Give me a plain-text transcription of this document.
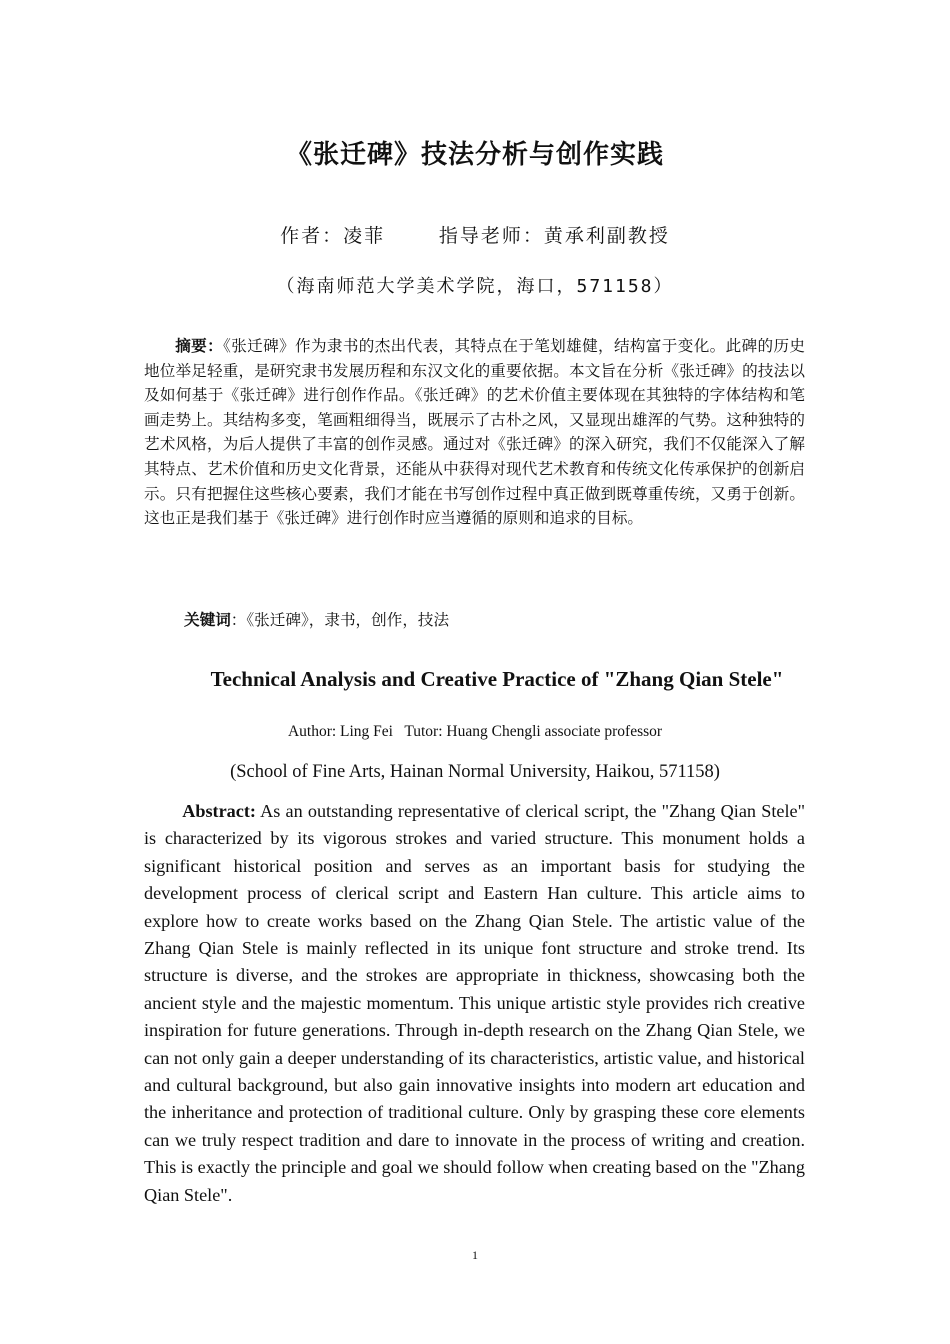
《张迁碑》技法分析与创作实践
作者：凌菲    指导老师：黄承利副教授
（海南师范大学美术学院，海口，571158）
摘要：《张迁碑》作为隶书的杰出代表，其特点在于笔划雄健，结构富于变化。此碑的历史地位举足轻重，是研究隶书发展历程和东汉文化的重要依据。本文旨在分析《张迁碑》的技法以及如何基于《张迁碑》进行创作作品。《张迁碑》的艺术价值主要体现在其独特的字体结构和笔画走势上。其结构多变，笔画粗细得当，既展示了古朴之风，又显现出雄浑的气势。这种独特的艺术风格，为后人提供了丰富的创作灵感。通过对《张迁碑》的深入研究，我们不仅能深入了解其特点、艺术价值和历史文化背景，还能从中获得对现代艺术教育和传统文化传承保护的创新启示。只有把握住这些核心要素，我们才能在书写创作过程中真正做到既尊重传统，又勇于创新。这也正是我们基于《张迁碑》进行创作时应当遵循的原则和追求的目标。
关键词：《张迁碑》，隶书，创作，技法
Technical Analysis and Creative Practice of "Zhang Qian Stele"
Author: Ling Fei   Tutor: Huang Chengli associate professor
(School of Fine Arts, Hainan Normal University, Haikou, 571158)
Abstract: As an outstanding representative of clerical script, the "Zhang Qian Stele" is characterized by its vigorous strokes and varied structure. This monument holds a significant historical position and serves as an important basis for studying the development process of clerical script and Eastern Han culture. This article aims to explore how to create works based on the Zhang Qian Stele. The artistic value of the Zhang Qian Stele is mainly reflected in its unique font structure and stroke trend. Its structure is diverse, and the strokes are appropriate in thickness, showcasing both the ancient style and the majestic momentum. This unique artistic style provides rich creative inspiration for future generations. Through in-depth research on the Zhang Qian Stele, we can not only gain a deeper understanding of its characteristics, artistic value, and historical and cultural background, but also gain innovative insights into modern art education and the inheritance and protection of traditional culture. Only by grasping these core elements can we truly respect tradition and dare to innovate in the process of writing and creation. This is exactly the principle and goal we should follow when creating based on the "Zhang Qian Stele".
1
